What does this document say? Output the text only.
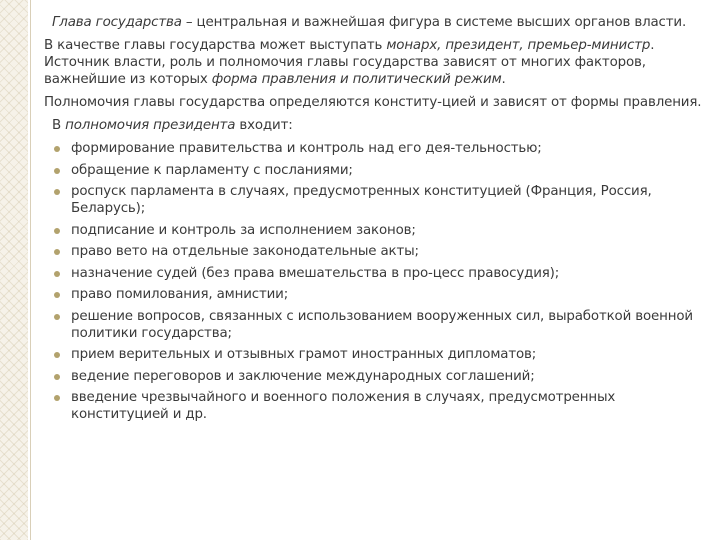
Глава государства – центральная и важнейшая фигура в системе высших органов власти.

В качестве главы государства может выступать монарх, президент, премьер-министр. Источник власти, роль и полномочия главы государства зависят от многих факторов, важнейшие из которых форма правления и политический режим.

Полномочия главы государства определяются конститу-цией и зависят от формы правления.

В полномочия президента входит:

формирование правительства и контроль над его дея-тельностью;
обращение к парламенту с посланиями;
роспуск парламента в случаях, предусмотренных конституцией (Франция, Россия, Беларусь);
подписание и контроль за исполнением законов;
право вето на отдельные законодательные акты;
назначение судей (без права вмешательства в про-цесс правосудия);
право помилования, амнистии;
решение вопросов, связанных с использованием вооруженных сил, выработкой военной политики государства;
прием верительных и отзывных грамот иностранных дипломатов;
ведение переговоров и заключение международных соглашений;
введение чрезвычайного и военного положения в случаях, предусмотренных конституцией и др.
